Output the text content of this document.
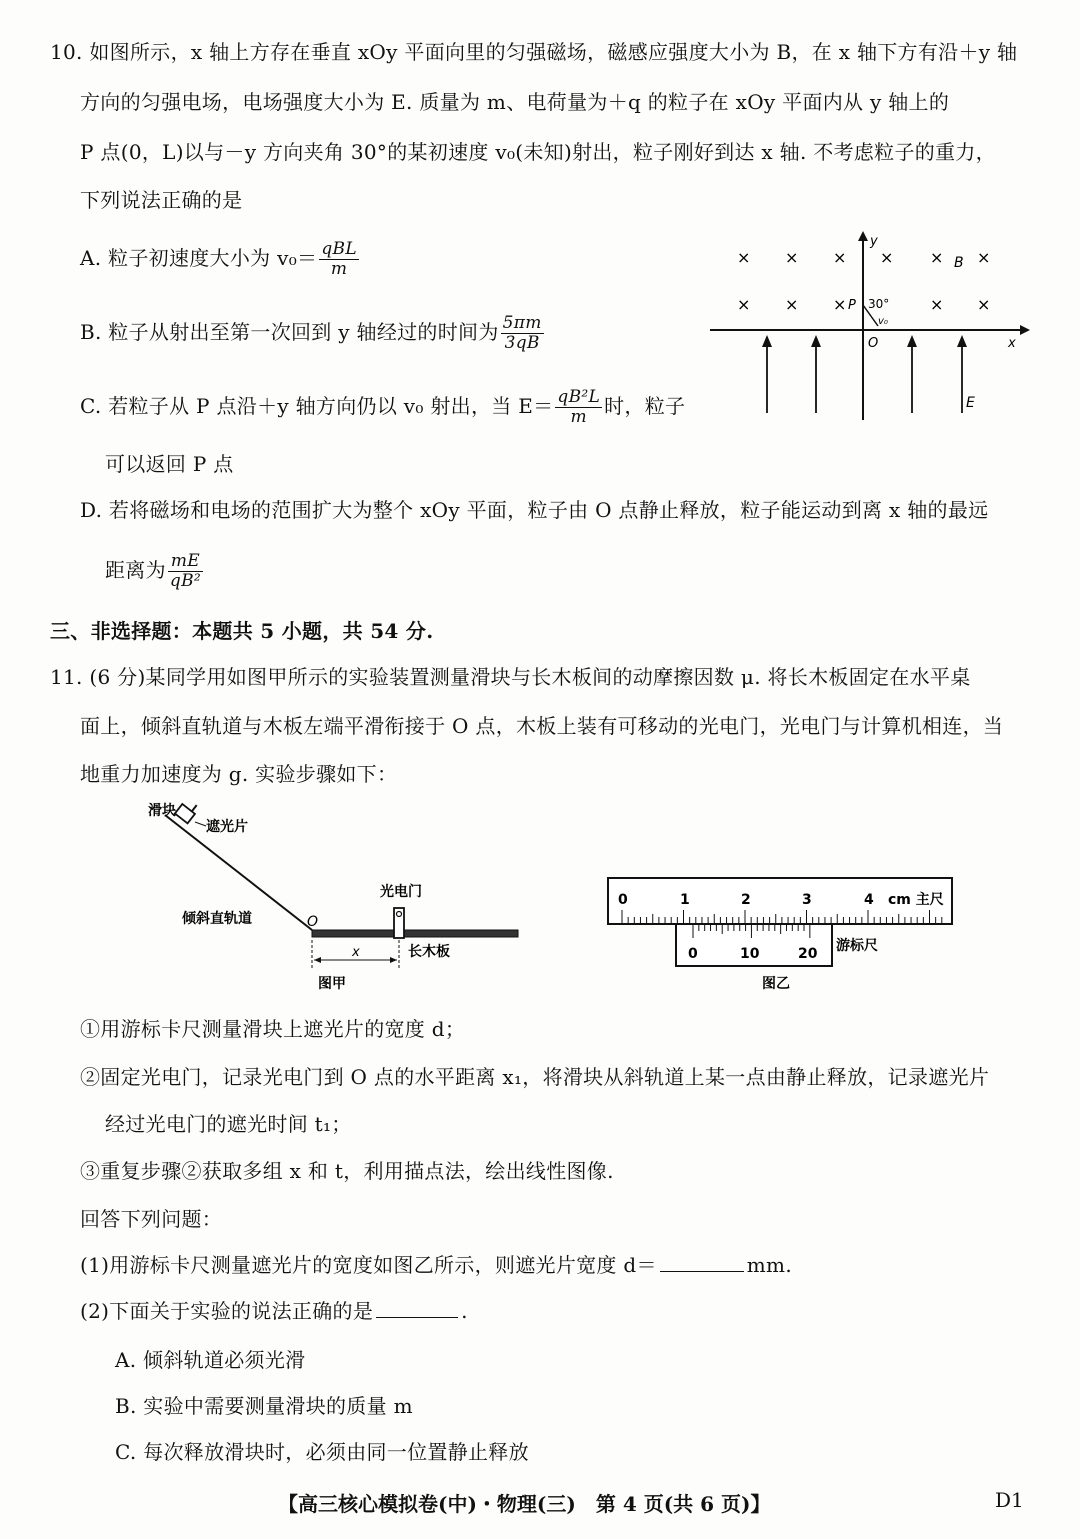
10. 如图所示，x 轴上方存在垂直 xOy 平面向里的匀强磁场，磁感应强度大小为 B，在 x 轴下方有沿＋y 轴
方向的匀强电场，电场强度大小为 E. 质量为 m、电荷量为＋q 的粒子在 xOy 平面内从 y 轴上的
P 点(0，L)以与－y 方向夹角 30°的某初速度 v₀(未知)射出，粒子刚好到达 x 轴. 不考虑粒子的重力，
下列说法正确的是
A. 粒子初速度大小为 $v_0= \frac{\text{qBL}}{m}$
B. 粒子从射出至第一次回到 y 轴经过的时间为 $\frac{5\pi m}{3qB}$
C. 若粒子从 P 点沿＋y 轴方向仍以 v₀ 射出，当 $E= \frac{\text{qB²L}}{m}$ 时，粒子
可以返回 P 点
D. 若将磁场和电场的范围扩大为整个 xOy 平面，粒子由 O 点静止释放，粒子能运动到离 x 轴的最远
距离为 $\frac{mE}{\text{qB²}}$
x
y
O
× × × × × ×
× × ×	× ×
B
P 30°
v₀
E
三、非选择题：本题共 5 小题，共 54 分.
11. (6 分)某同学用如图甲所示的实验装置测量滑块与长木板间的动摩擦因数 μ. 将长木板固定在水平桌
面上，倾斜直轨道与木板左端平滑衔接于 O 点，木板上装有可移动的光电门，光电门与计算机相连，当
地重力加速度为 g. 实验步骤如下：
滑块
遮光片
倾斜直轨道	O
光电门
长木板
x
图甲
0	1	2	3	4 cm 主尺
0	10	20 游标尺
图乙
①用游标卡尺测量滑块上遮光片的宽度 d；
②固定光电门，记录光电门到 O 点的水平距离 x₁，将滑块从斜轨道上某一点由静止释放，记录遮光片
经过光电门的遮光时间 t₁；
③重复步骤②获取多组 x 和 t，利用描点法，绘出线性图像.
回答下列问题：
(1)用游标卡尺测量遮光片的宽度如图乙所示，则遮光片宽度 d＝	mm.
(2)下面关于实验的说法正确的是	.
A. 倾斜轨道必须光滑
B. 实验中需要测量滑块的质量 m
C. 每次释放滑块时，必须由同一位置静止释放
【高三核心模拟卷(中)・物理(三)　第 4 页(共 6 页)】	D1
